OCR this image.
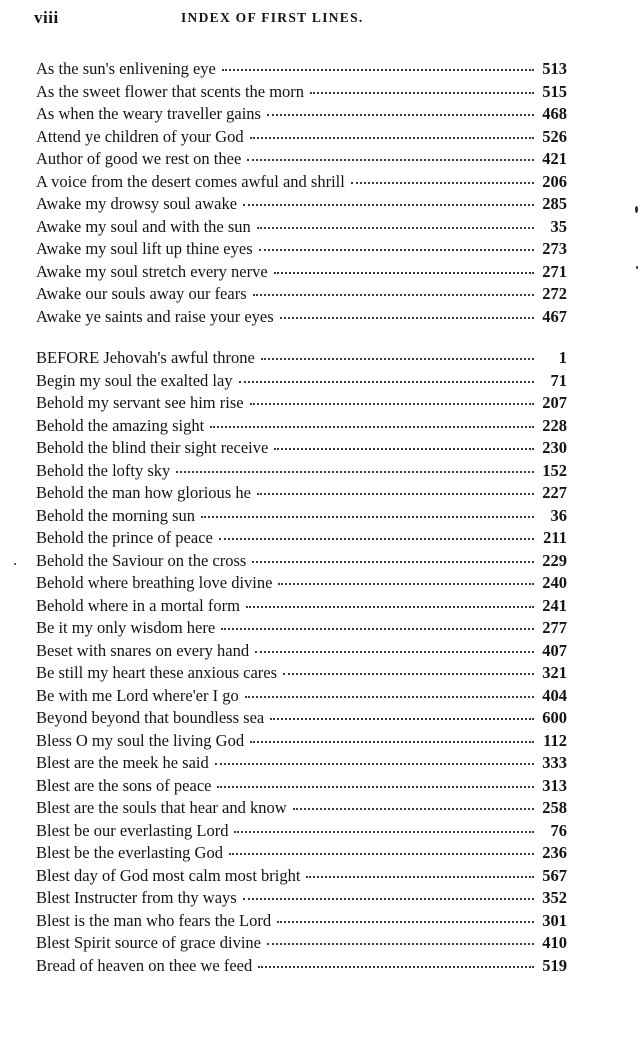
viii	INDEX OF FIRST LINES.
As the sun's enlivening eye	513
As the sweet flower that scents the morn	515
As when the weary traveller gains	468
Attend ye children of your God	526
Author of good we rest on thee	421
A voice from the desert comes awful and shrill	206
Awake my drowsy soul awake	285
Awake my soul and with the sun	35
Awake my soul lift up thine eyes	273
Awake my soul stretch every nerve	271
Awake our souls away our fears	272
Awake ye saints and raise your eyes	467
BEFORE Jehovah's awful throne	1
Begin my soul the exalted lay	71
Behold my servant see him rise	207
Behold the amazing sight	228
Behold the blind their sight receive	230
Behold the lofty sky	152
Behold the man how glorious he	227
Behold the morning sun	36
Behold the prince of peace	211
Behold the Saviour on the cross	229
Behold where breathing love divine	240
Behold where in a mortal form	241
Be it my only wisdom here	277
Beset with snares on every hand	407
Be still my heart these anxious cares	321
Be with me Lord where'er I go	404
Beyond beyond that boundless sea	600
Bless O my soul the living God	112
Blest are the meek he said	333
Blest are the sons of peace	313
Blest are the souls that hear and know	258
Blest be our everlasting Lord	76
Blest be the everlasting God	236
Blest day of God most calm most bright	567
Blest Instructer from thy ways	352
Blest is the man who fears the Lord	301
Blest Spirit source of grace divine	410
Bread of heaven on thee we feed	519
